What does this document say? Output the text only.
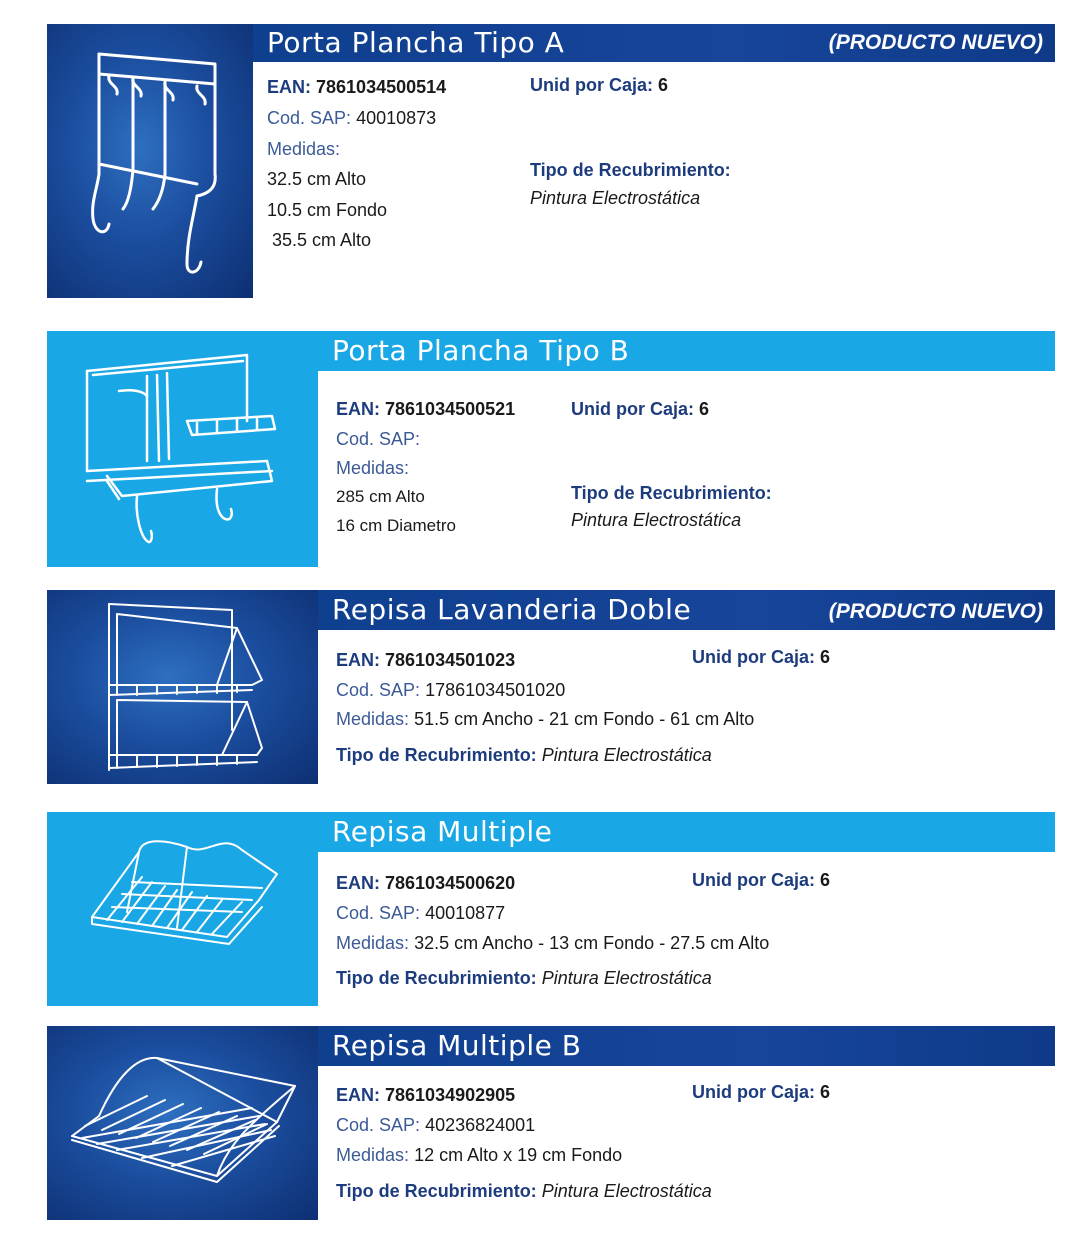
Porta Plancha Tipo A	(PRODUCTO NUEVO)
EAN: 7861034500514
Cod. SAP: 40010873
Medidas:
32.5 cm Alto
10.5 cm Fondo
35.5 cm Alto
Unid por Caja: 6
Tipo de Recubrimiento:
Pintura Electrostática
Porta Plancha Tipo B
EAN: 7861034500521
Cod. SAP:
Medidas:
285 cm Alto
16 cm Diametro
Unid por Caja: 6
Tipo de Recubrimiento:
Pintura Electrostática
Repisa Lavanderia Doble	(PRODUCTO NUEVO)
EAN: 7861034501023
Cod. SAP: 17861034501020
Medidas: 51.5 cm Ancho - 21 cm Fondo - 61 cm Alto
Tipo de Recubrimiento: Pintura Electrostática
Unid por Caja: 6
Repisa Multiple
EAN: 7861034500620
Cod. SAP: 40010877
Medidas: 32.5 cm Ancho - 13 cm Fondo - 27.5 cm Alto
Tipo de Recubrimiento: Pintura Electrostática
Unid por Caja: 6
Repisa Multiple B
EAN: 7861034902905
Cod. SAP: 40236824001
Medidas: 12 cm Alto x 19 cm Fondo
Tipo de Recubrimiento: Pintura Electrostática
Unid por Caja: 6
